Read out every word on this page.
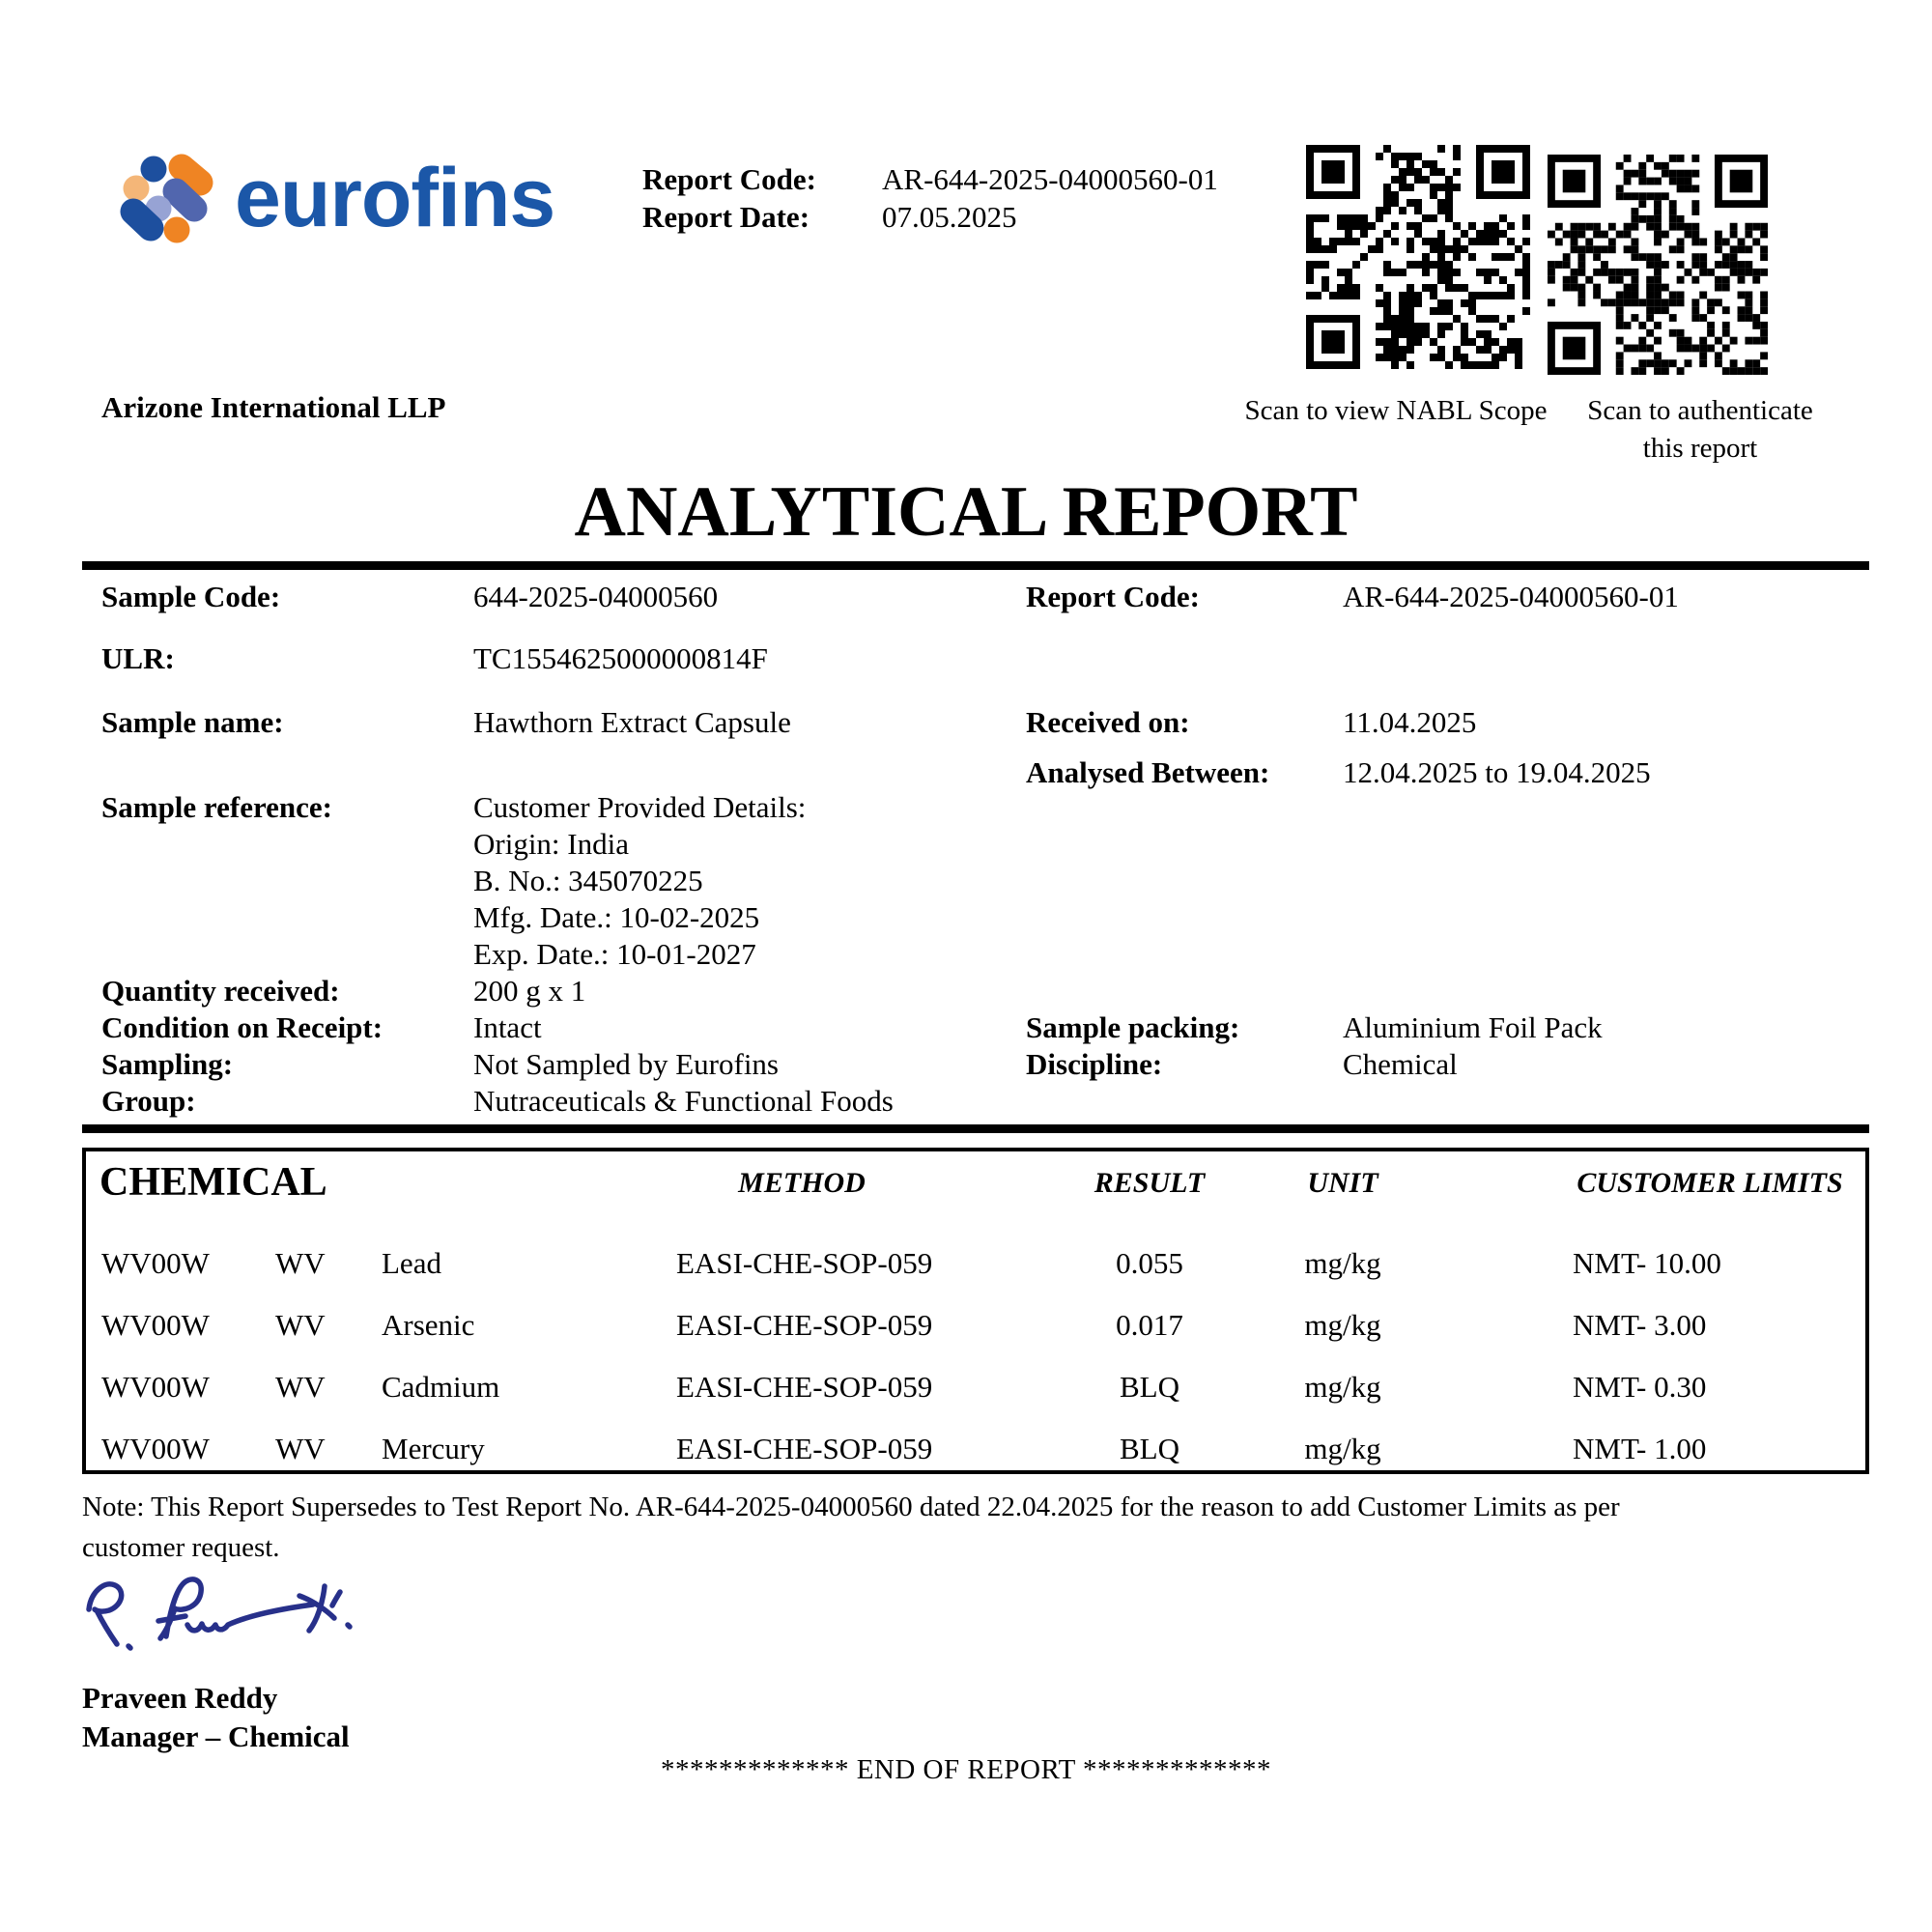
eurofins	Report Code: AR-644-2025-04000560-01
Report Date: 07.05.2025
Scan to view NABL Scope	Scan to authenticate
this report
Arizone International LLP
ANALYTICAL REPORT
Sample Code:	644-2025-04000560
ULR:	TC1554625000000814F
Sample name:	Hawthorn Extract Capsule
Sample reference:	Customer Provided Details:
Origin: India
B. No.: 345070225
Mfg. Date.: 10-02-2025
Exp. Date.: 10-01-2027
Quantity received:	200 g x 1
Condition on Receipt:	Intact
Sampling:	Not Sampled by Eurofins
Group:	Nutraceuticals & Functional Foods
Report Code:	AR-644-2025-04000560-01
Received on:	11.04.2025
Analysed Between: 12.04.2025 to 19.04.2025
Sample packing:	Aluminium Foil Pack
Discipline:	Chemical
CHEMICAL	METHOD	RESULT	UNIT	CUSTOMER LIMITS
WV00W WV Lead	EASI-CHE-SOP-059	0.055	mg/kg	NMT- 10.00
WV00W WV Arsenic	EASI-CHE-SOP-059	0.017	mg/kg	NMT- 3.00
WV00W WV Cadmium	EASI-CHE-SOP-059	BLQ	mg/kg	NMT- 0.30
WV00W WV Mercury	EASI-CHE-SOP-059	BLQ	mg/kg	NMT- 1.00
Note: This Report Supersedes to Test Report No. AR-644-2025-04000560 dated 22.04.2025 for the reason to add Customer Limits as per
customer request.
Praveen Reddy
Manager – Chemical
************* END OF REPORT *************
